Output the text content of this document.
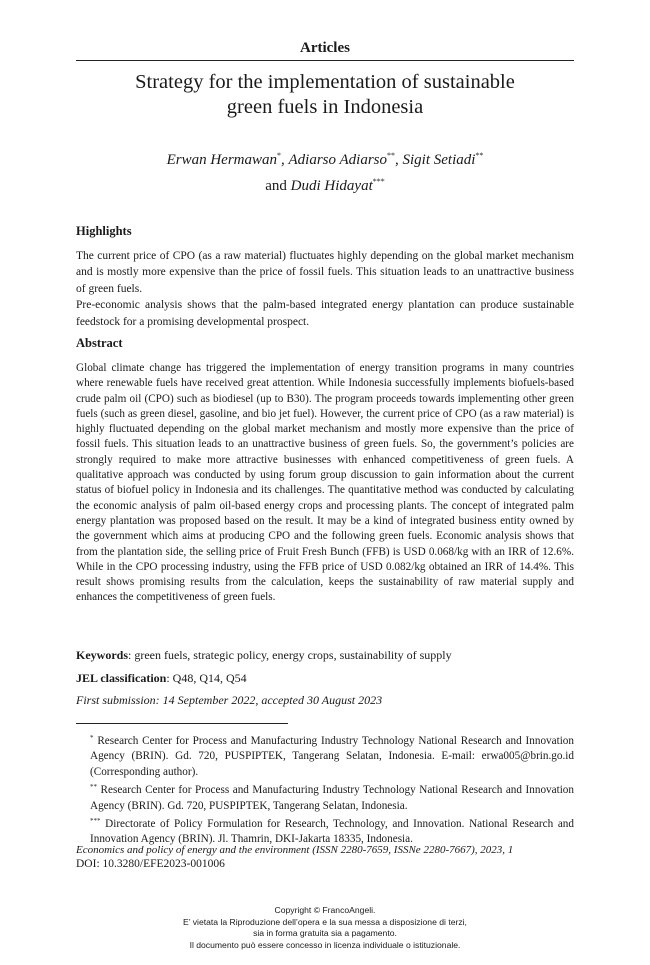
Articles
Strategy for the implementation of sustainable
green fuels in Indonesia
Erwan Hermawan*, Adiarso Adiarso**, Sigit Setiadi**
and Dudi Hidayat***

Highlights

The current price of CPO (as a raw material) fluctuates highly depending on the global market mechanism and is mostly more expensive than the price of fossil fuels. This situation leads to an unattractive business of green fuels.

Pre-economic analysis shows that the palm-based integrated energy plantation can produce sustainable feedstock for a promising developmental prospect.

Abstract

Global climate change has triggered the implementation of energy transition programs in many countries where renewable fuels have received great attention. While Indonesia successfully implements biofuels-based crude palm oil (CPO) such as biodiesel (up to B30). The program proceeds towards implementing other green fuels (such as green diesel, gasoline, and bio jet fuel). However, the current price of CPO (as a raw material) is highly fluctuated depending on the global market mechanism and mostly more expensive than the price of fossil fuels. This situation leads to an unattractive business of green fuels. So, the government’s policies are strongly required to make more attractive businesses with enhanced competitiveness of green fuels. A qualitative approach was conducted by using forum group discussion to gain information about the current status of biofuel policy in Indonesia and its challenges. The quantitative method was conducted by calculating the economic analysis of palm oil-based energy crops and processing plants. The concept of integrated palm energy plantation was proposed based on the result. It may be a kind of integrated business entity owned by the government which aims at producing CPO and the following green fuels. Economic analysis shows that from the plantation side, the selling price of Fruit Fresh Bunch (FFB) is USD 0.068/kg with an IRR of 12.6%. While in the CPO processing industry, using the FFB price of USD 0.082/kg obtained an IRR of 14.4%. This result shows promising results from the calculation, keeps the sustainability of raw material supply and enhances the competitiveness of green fuels.

Keywords: green fuels, strategic policy, energy crops, sustainability of supply
JEL classification: Q48, Q14, Q54
First submission: 14 September 2022, accepted 30 August 2023
* Research Center for Process and Manufacturing Industry Technology National Research and Innovation Agency (BRIN). Gd. 720, PUSPIPTEK, Tangerang Selatan, Indonesia. E-mail: erwa005@brin.go.id (Corresponding author).
** Research Center for Process and Manufacturing Industry Technology National Research and Innovation Agency (BRIN). Gd. 720, PUSPIPTEK, Tangerang Selatan, Indonesia.
*** Directorate of Policy Formulation for Research, Technology, and Innovation. National Research and Innovation Agency (BRIN). Jl. Thamrin, DKI-Jakarta 18335, Indonesia.
Economics and policy of energy and the environment (ISSN 2280-7659, ISSNe 2280-7667), 2023, 1
DOI: 10.3280/EFE2023-001006
Copyright © FrancoAngeli.
E’ vietata la Riproduzione dell’opera e la sua messa a disposizione di terzi,
sia in forma gratuita sia a pagamento.
Il documento può essere concesso in licenza individuale o istituzionale.
